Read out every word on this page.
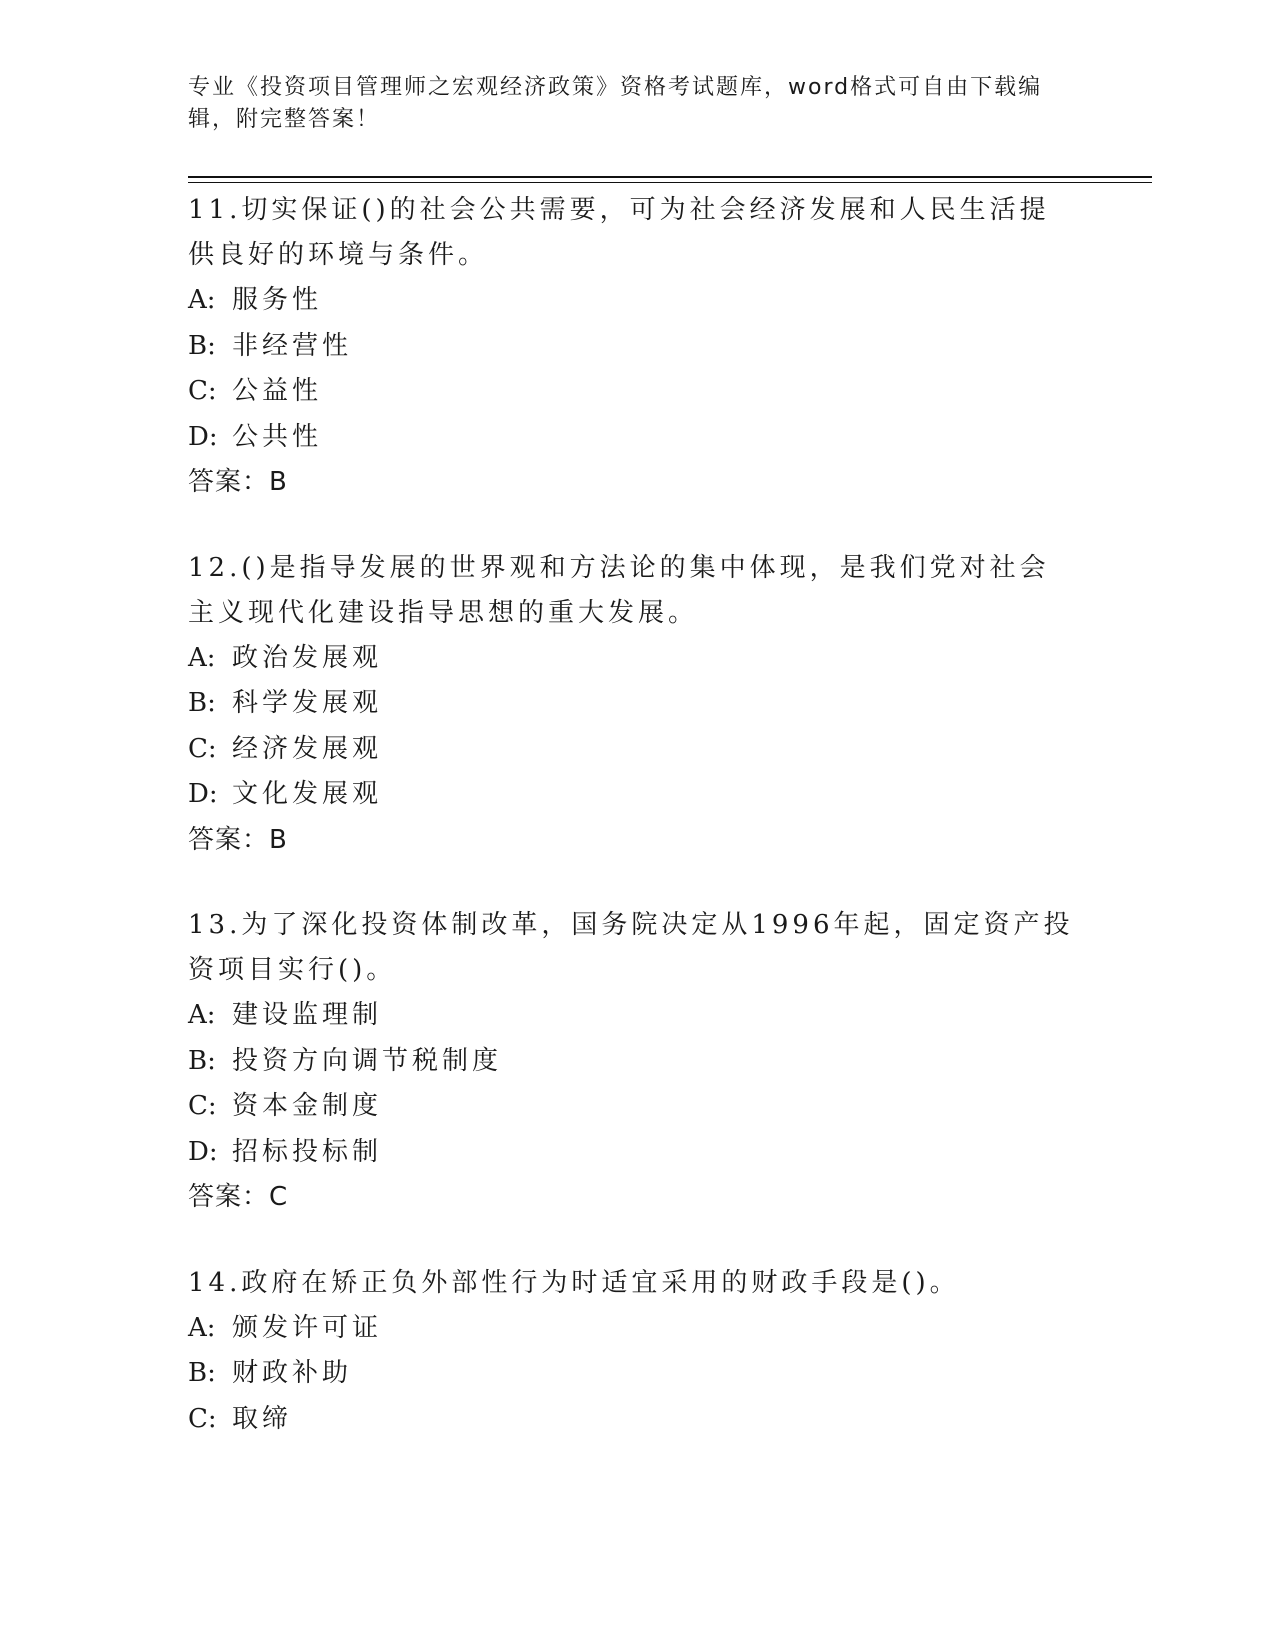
专业《投资项目管理师之宏观经济政策》资格考试题库，word格式可自由下载编辑，附完整答案！
11.切实保证()的社会公共需要，可为社会经济发展和人民生活提供良好的环境与条件。
A: 服务性
B: 非经营性
C: 公益性
D: 公共性
答案：B
12.()是指导发展的世界观和方法论的集中体现，是我们党对社会主义现代化建设指导思想的重大发展。
A: 政治发展观
B: 科学发展观
C: 经济发展观
D: 文化发展观
答案：B
13.为了深化投资体制改革，国务院决定从1996年起，固定资产投资项目实行()。
A: 建设监理制
B: 投资方向调节税制度
C: 资本金制度
D: 招标投标制
答案：C
14.政府在矫正负外部性行为时适宜采用的财政手段是()。
A: 颁发许可证
B: 财政补助
C: 取缔
